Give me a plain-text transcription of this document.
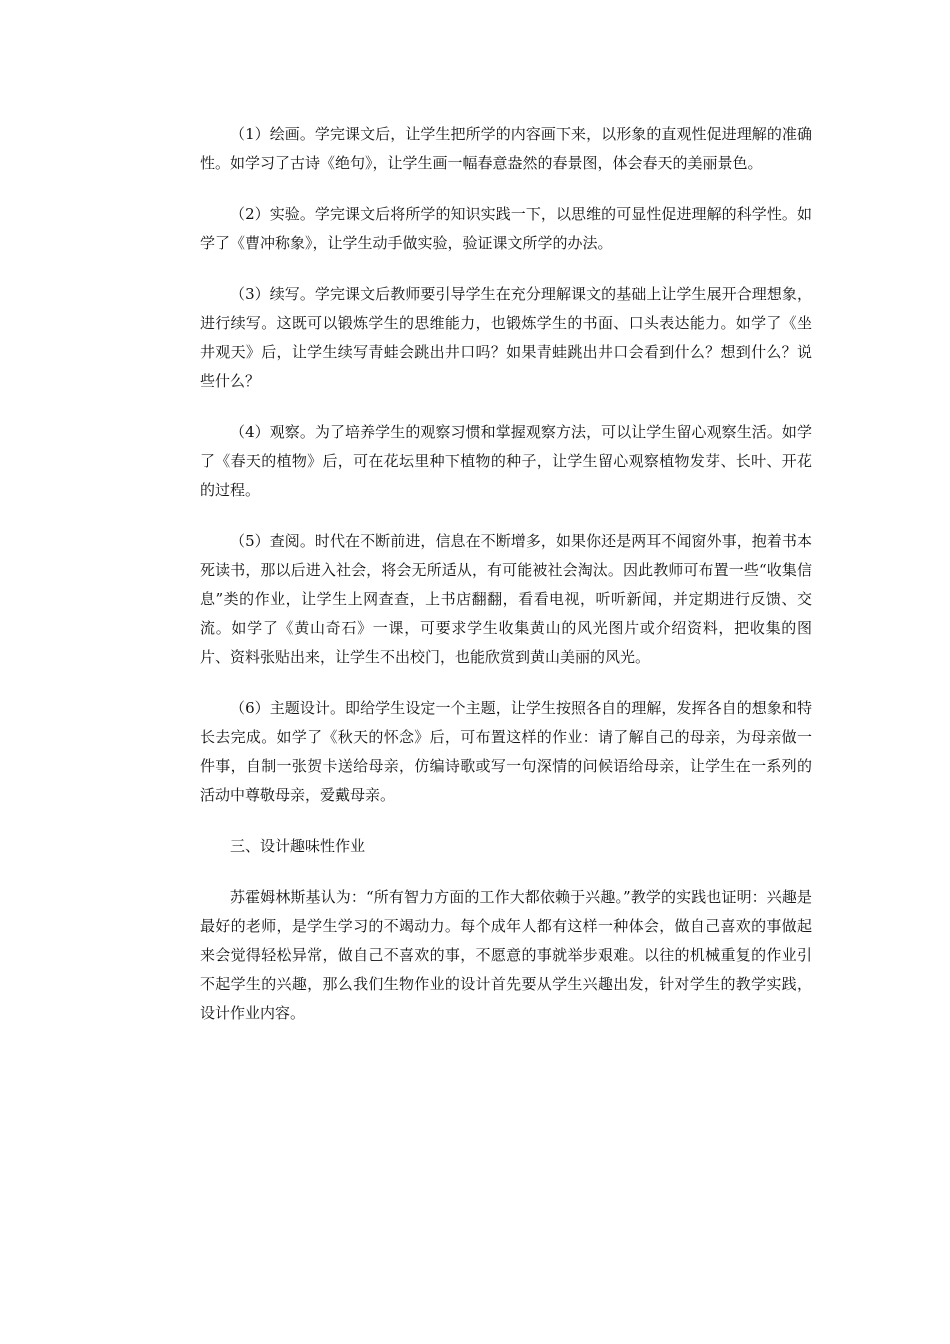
（1）绘画。学完课文后，让学生把所学的内容画下来，以形象的直观性促进理解的准确性。如学习了古诗《绝句》，让学生画一幅春意盎然的春景图，体会春天的美丽景色。

（2）实验。学完课文后将所学的知识实践一下，以思维的可显性促进理解的科学性。如学了《曹冲称象》，让学生动手做实验，验证课文所学的办法。

（3）续写。学完课文后教师要引导学生在充分理解课文的基础上让学生展开合理想象，进行续写。这既可以锻炼学生的思维能力，也锻炼学生的书面、口头表达能力。如学了《坐井观天》后，让学生续写青蛙会跳出井口吗？如果青蛙跳出井口会看到什么？想到什么？说些什么？

（4）观察。为了培养学生的观察习惯和掌握观察方法，可以让学生留心观察生活。如学了《春天的植物》后，可在花坛里种下植物的种子，让学生留心观察植物发芽、长叶、开花的过程。

（5）查阅。时代在不断前进，信息在不断增多，如果你还是两耳不闻窗外事，抱着书本死读书，那以后进入社会，将会无所适从，有可能被社会淘汰。因此教师可布置一些“收集信息”类的作业，让学生上网查查，上书店翻翻，看看电视，听听新闻，并定期进行反馈、交流。如学了《黄山奇石》一课，可要求学生收集黄山的风光图片或介绍资料，把收集的图片、资料张贴出来，让学生不出校门，也能欣赏到黄山美丽的风光。

（6）主题设计。即给学生设定一个主题，让学生按照各自的理解，发挥各自的想象和特长去完成。如学了《秋天的怀念》后，可布置这样的作业：请了解自己的母亲，为母亲做一件事，自制一张贺卡送给母亲，仿编诗歌或写一句深情的问候语给母亲，让学生在一系列的活动中尊敬母亲，爱戴母亲。

三、设计趣味性作业

苏霍姆林斯基认为：“所有智力方面的工作大都依赖于兴趣。”教学的实践也证明：兴趣是最好的老师，是学生学习的不竭动力。每个成年人都有这样一种体会，做自己喜欢的事做起来会觉得轻松异常，做自己不喜欢的事，不愿意的事就举步艰难。以往的机械重复的作业引不起学生的兴趣，那么我们生物作业的设计首先要从学生兴趣出发，针对学生的教学实践，设计作业内容。
